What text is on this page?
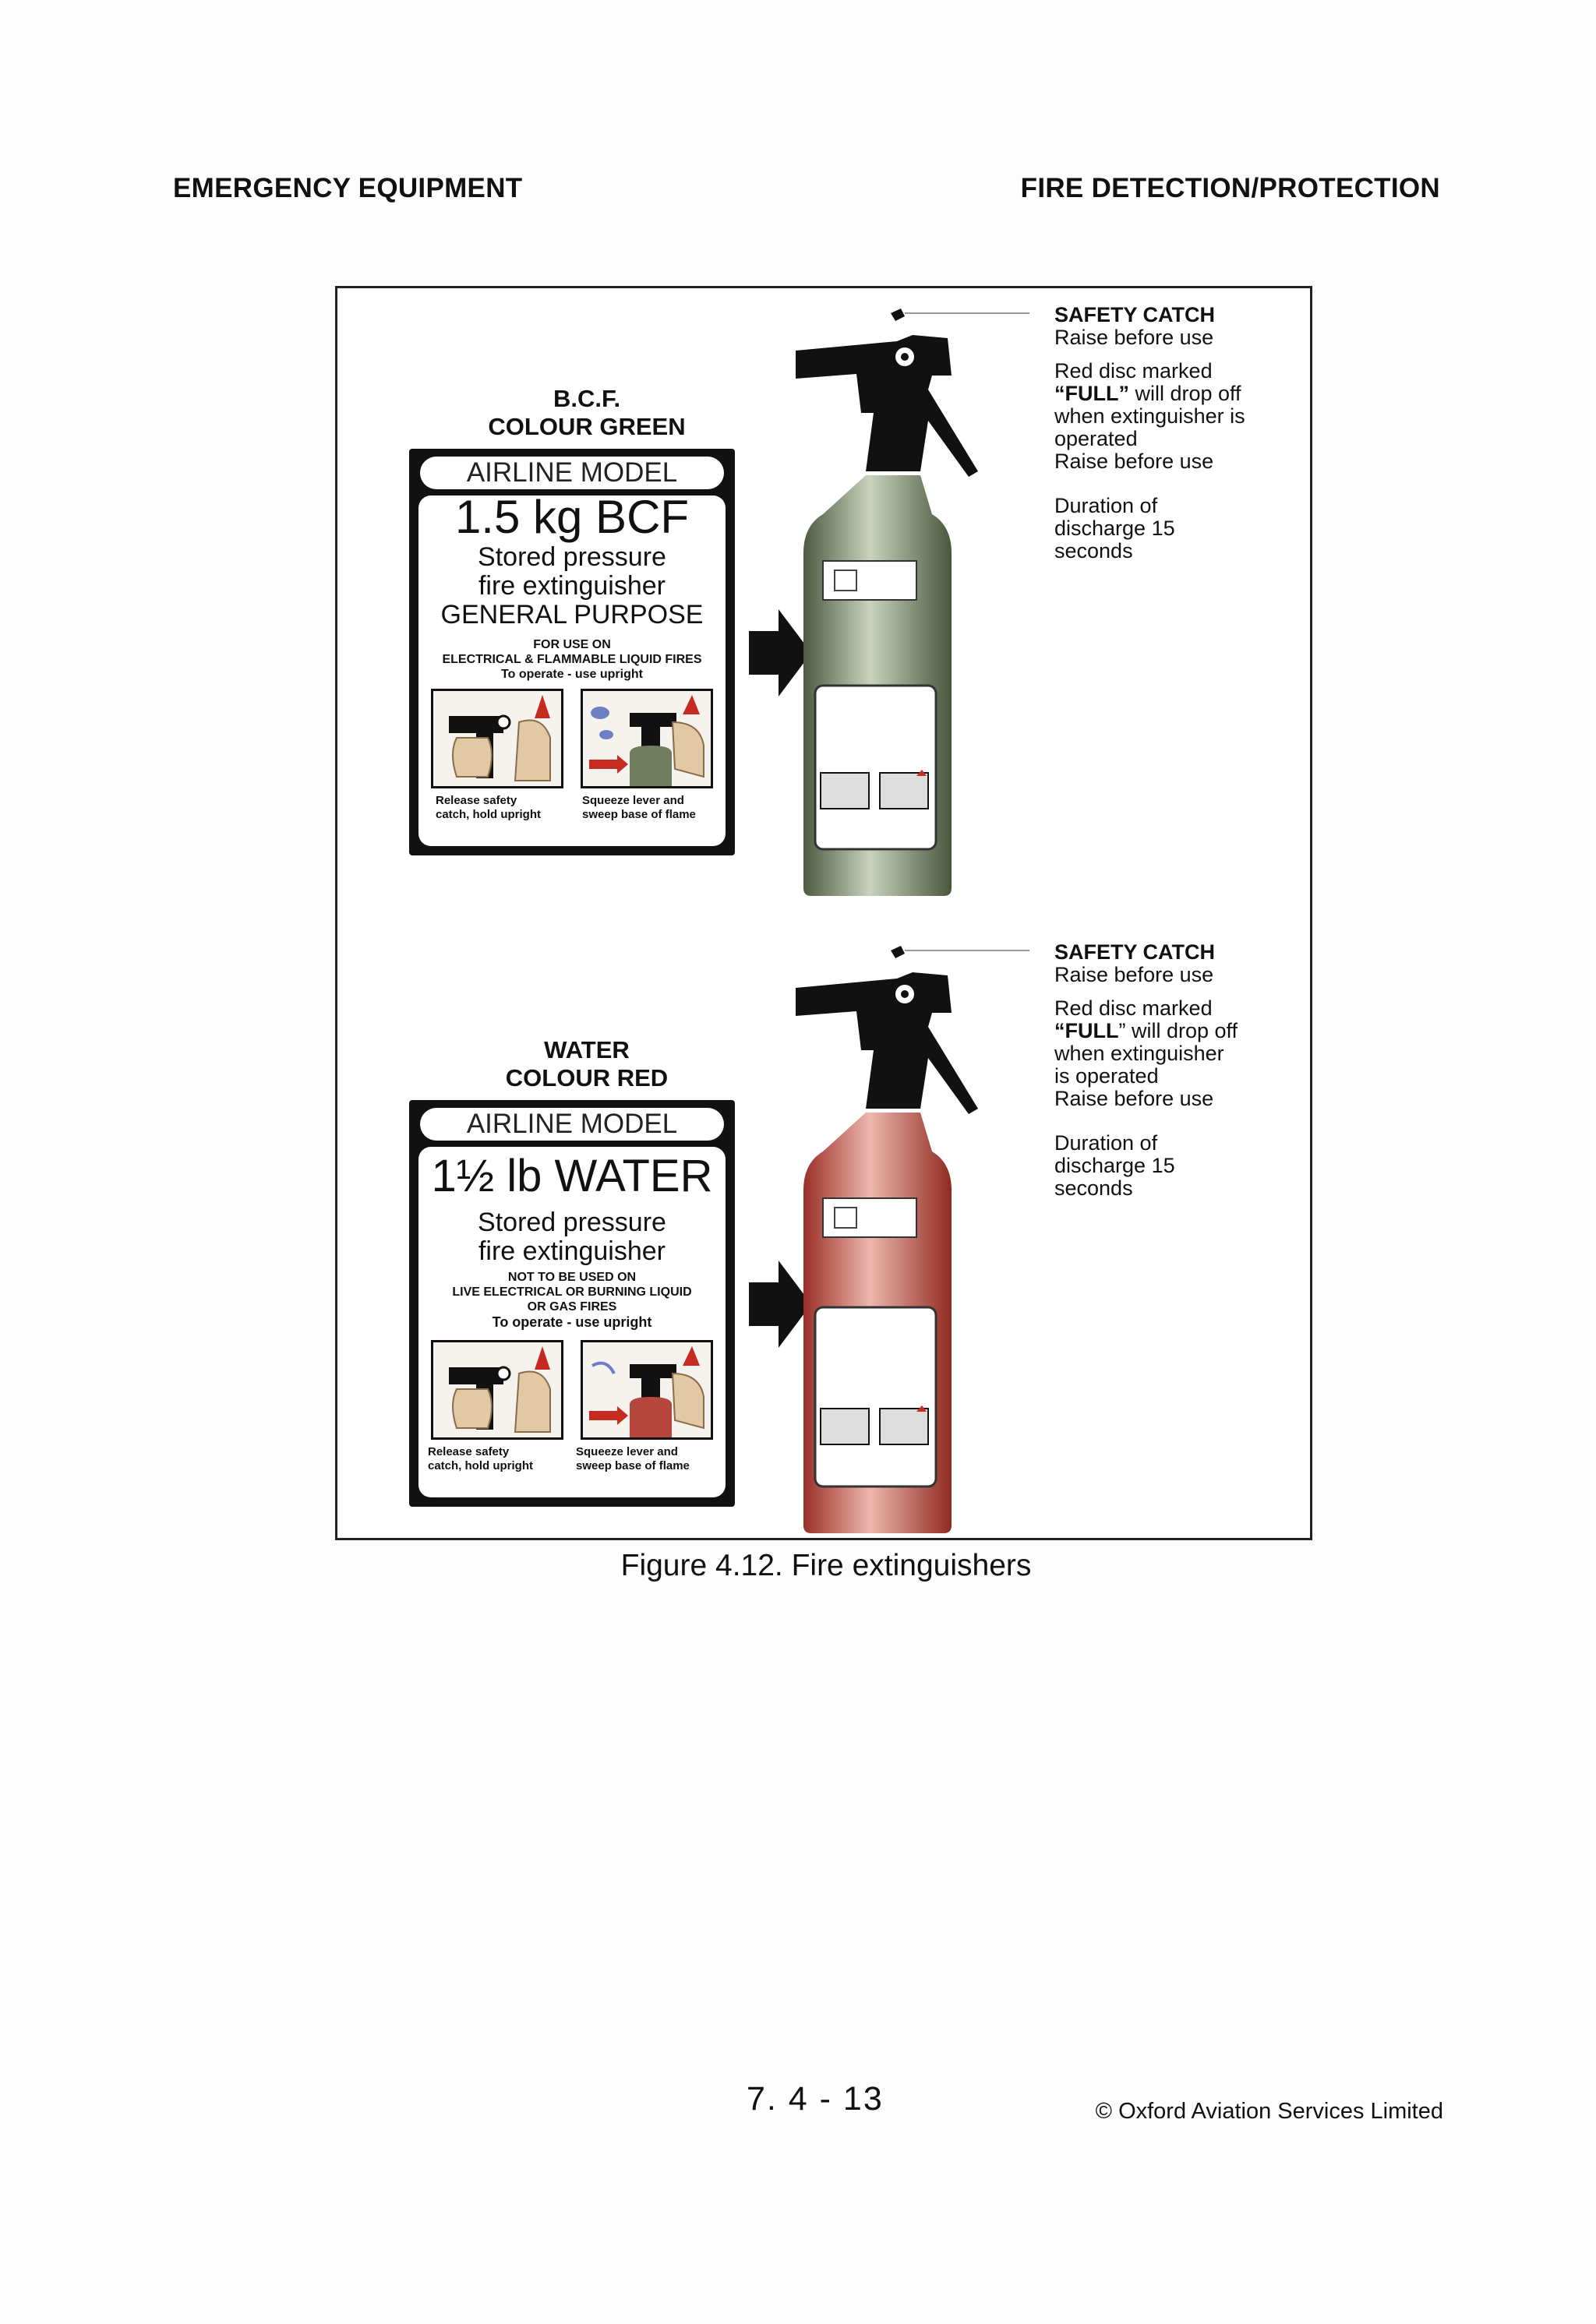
EMERGENCY EQUIPMENT	FIRE DETECTION/PROTECTION
B.C.F.
COLOUR GREEN
AIRLINE MODEL
1.5 kg BCF
Stored pressure
fire extinguisher
GENERAL PURPOSE
FOR USE ON
ELECTRICAL & FLAMMABLE LIQUID FIRES
To operate - use upright
Release safety
catch, hold upright
Squeeze lever and
sweep base of flame
SAFETY CATCH
Raise before use
Red disc marked
“FULL” will drop off
when extinguisher is
operated
Raise before use
Duration of
discharge 15
seconds
WATER
COLOUR RED
AIRLINE MODEL
1½ lb WATER
Stored pressure
fire extinguisher
NOT TO BE USED ON
LIVE ELECTRICAL OR BURNING LIQUID
OR GAS FIRES
To operate - use upright
Release safety
catch, hold upright
Squeeze lever and
sweep base of flame
SAFETY CATCH
Raise before use
Red disc marked
“FULL” will drop off
when extinguisher
is operated
Raise before use
Duration of
discharge 15
seconds
Figure 4.12. Fire extinguishers
7. 4 - 13	© Oxford Aviation Services Limited
